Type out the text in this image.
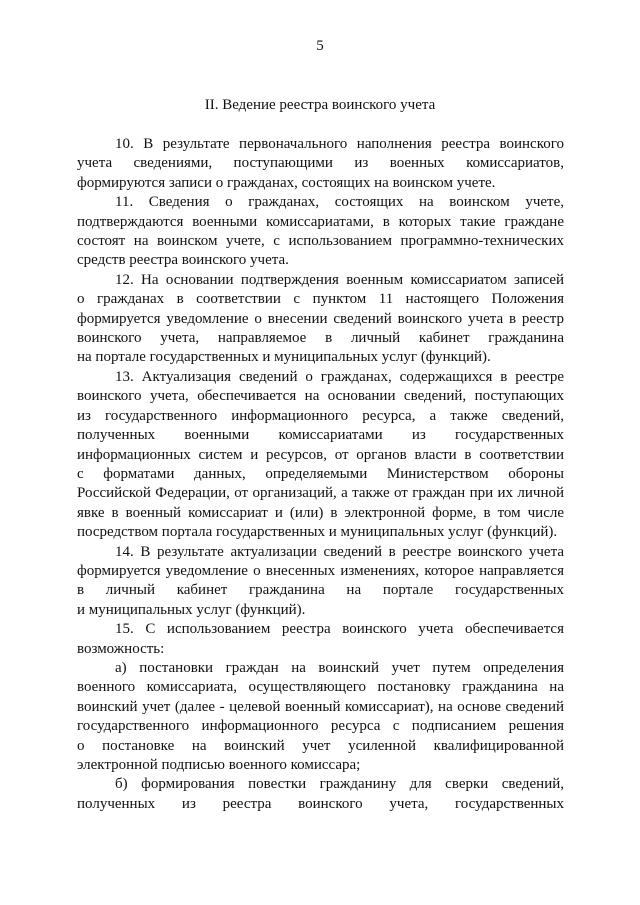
5
II. Ведение реестра воинского учета
10. В результате первоначального наполнения реестра воинского
учета сведениями, поступающими из военных комиссариатов,
формируются записи о гражданах, состоящих на воинском учете.
11. Сведения о гражданах, состоящих на воинском учете,
подтверждаются военными комиссариатами, в которых такие граждане
состоят на воинском учете, с использованием программно-технических
средств реестра воинского учета.
12. На основании подтверждения военным комиссариатом записей
о гражданах в соответствии с пунктом 11 настоящего Положения
формируется уведомление о внесении сведений воинского учета в реестр
воинского учета, направляемое в личный кабинет гражданина
на портале государственных и муниципальных услуг (функций).
13. Актуализация сведений о гражданах, содержащихся в реестре
воинского учета, обеспечивается на основании сведений, поступающих
из государственного информационного ресурса, а также сведений,
полученных военными комиссариатами из государственных
информационных систем и ресурсов, от органов власти в соответствии
с форматами данных, определяемыми Министерством обороны
Российской Федерации, от организаций, а также от граждан при их личной
явке в военный комиссариат и (или) в электронной форме, в том числе
посредством портала государственных и муниципальных услуг (функций).
14. В результате актуализации сведений в реестре воинского учета
формируется уведомление о внесенных изменениях, которое направляется
в личный кабинет гражданина на портале государственных
и муниципальных услуг (функций).
15. С использованием реестра воинского учета обеспечивается
возможность:
а) постановки граждан на воинский учет путем определения
военного комиссариата, осуществляющего постановку гражданина на
воинский учет (далее - целевой военный комиссариат), на основе сведений
государственного информационного ресурса с подписанием решения
о постановке на воинский учет усиленной квалифицированной
электронной подписью военного комиссара;
б) формирования повестки гражданину для сверки сведений,
полученных из реестра воинского учета, государственных
